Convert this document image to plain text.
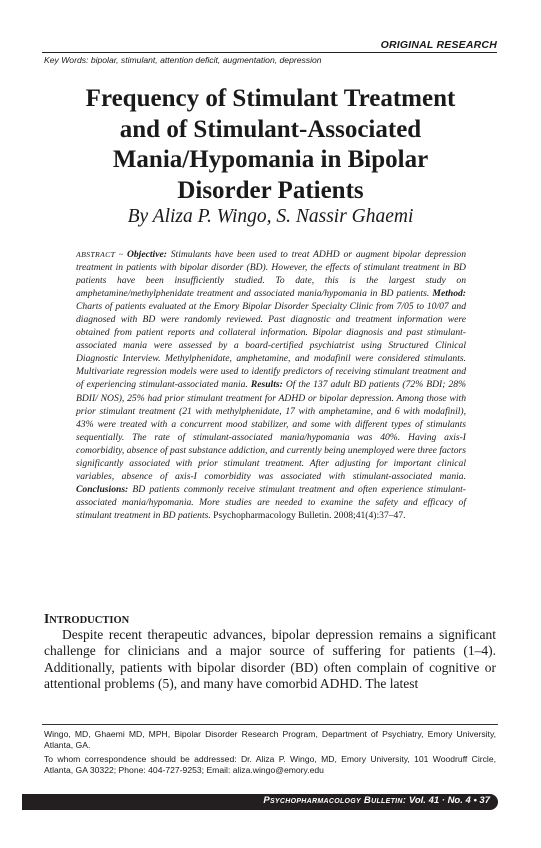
ORIGINAL RESEARCH
Key Words: bipolar, stimulant, attention deficit, augmentation, depression
Frequency of Stimulant Treatment
and of Stimulant-Associated
Mania/Hypomania in Bipolar
Disorder Patients
By Aliza P. Wingo, S. Nassir Ghaemi
ABSTRACT ~ Objective: Stimulants have been used to treat ADHD or augment bipolar depression treatment in patients with bipolar disorder (BD). However, the effects of stimulant treatment in BD patients have been insufficiently studied. To date, this is the largest study on amphetamine/methylphenidate treatment and associated mania/hypomania in BD patients. Method: Charts of patients evaluated at the Emory Bipolar Disorder Specialty Clinic from 7/05 to 10/07 and diagnosed with BD were randomly reviewed. Past diagnostic and treatment information were obtained from patient reports and collateral information. Bipolar diagnosis and past stimulant-associated mania were assessed by a board-certified psychiatrist using Structured Clinical Diagnostic Interview. Methylphenidate, amphetamine, and modafinil were considered stimulants. Multivariate regression models were used to identify predictors of receiving stimulant treatment and of experiencing stimulant-associated mania. Results: Of the 137 adult BD patients (72% BDI; 28% BDII/ NOS), 25% had prior stimulant treatment for ADHD or bipolar depression. Among those with prior stimulant treatment (21 with methylphenidate, 17 with amphetamine, and 6 with modafinil), 43% were treated with a concurrent mood stabilizer, and some with different types of stimulants sequentially. The rate of stimulant-associated mania/hypomania was 40%. Having axis-I comorbidity, absence of past substance addiction, and currently being unemployed were three factors significantly associated with prior stimulant treatment. After adjusting for important clinical variables, absence of axis-I comorbidity was associated with stimulant-associated mania. Conclusions: BD patients commonly receive stimulant treatment and often experience stimulant-associated mania/hypomania. More studies are needed to examine the safety and efficacy of stimulant treatment in BD patients. Psychopharmacology Bulletin. 2008;41(4):37–47.
INTRODUCTION
Despite recent therapeutic advances, bipolar depression remains a significant challenge for clinicians and a major source of suffering for patients (1–4). Additionally, patients with bipolar disorder (BD) often complain of cognitive or attentional problems (5), and many have comorbid ADHD. The latest

Wingo, MD, Ghaemi MD, MPH, Bipolar Disorder Research Program, Department of Psychiatry, Emory University, Atlanta, GA.

To whom correspondence should be addressed: Dr. Aliza P. Wingo, MD, Emory University, 101 Woodruff Circle, Atlanta, GA 30322; Phone: 404-727-9253; Email: aliza.wingo@emory.edu

Psychopharmacology Bulletin: Vol. 41 · No. 4 • 37
